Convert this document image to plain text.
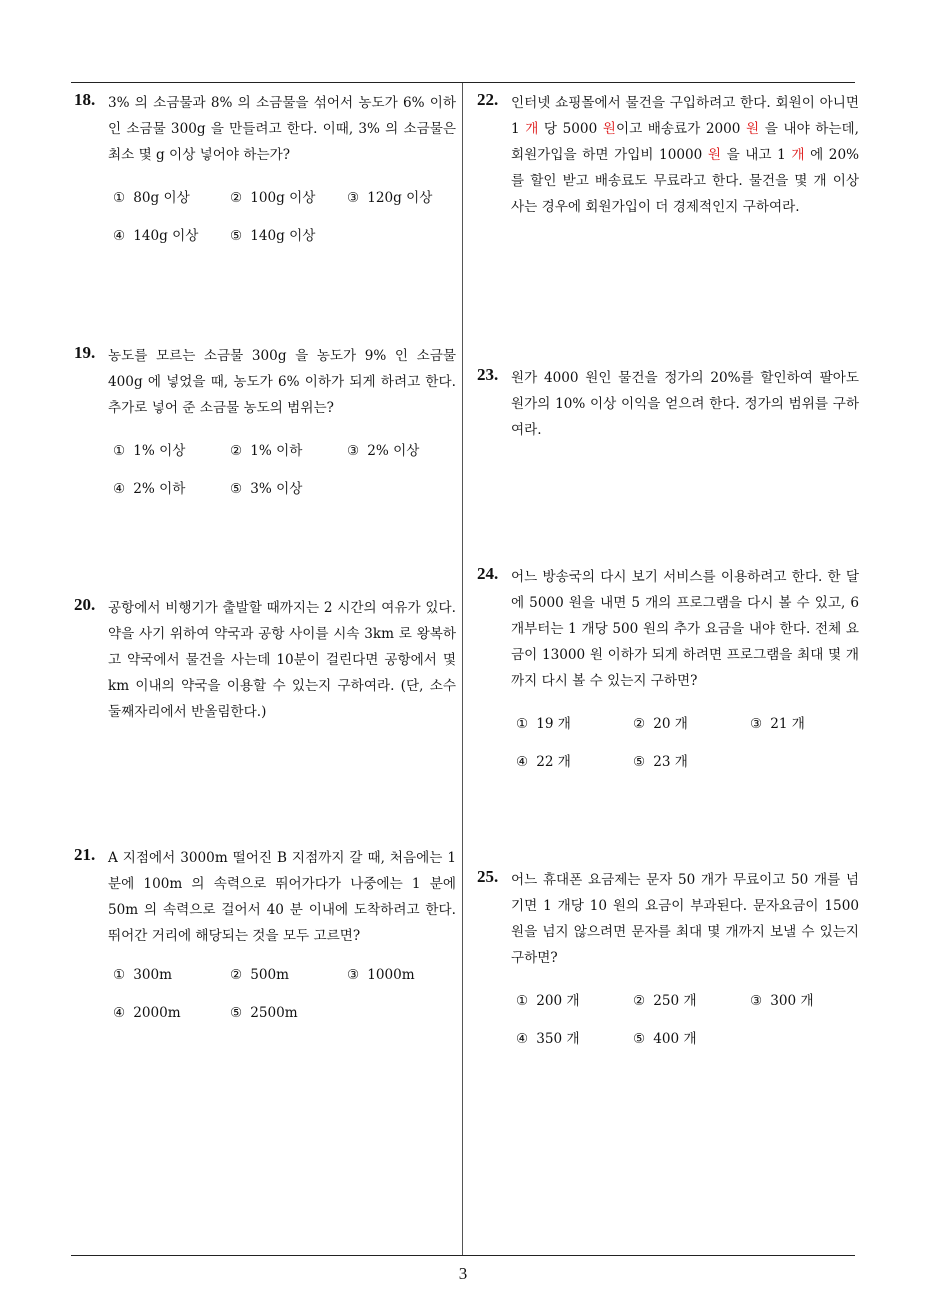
18. 3% 의 소금물과 8% 의 소금물을 섞어서 농도가 6% 이하인 소금물 300g 을 만들려고 한다. 이때, 3% 의 소금물은 최소 몇 g 이상 넣어야 하는가?
① 80g 이상	② 100g 이상 ③ 120g 이상
④ 140g 이상 ⑤ 140g 이상
19. 농도를 모르는 소금물 300g 을 농도가 9% 인 소금물 400g 에 넣었을 때, 농도가 6% 이하가 되게 하려고 한다. 추가로 넣어 준 소금물 농도의 범위는?
① 1% 이상	② 1% 이하	③ 2% 이상
④ 2% 이하	⑤ 3% 이상
20. 공항에서 비행기가 출발할 때까지는 2 시간의 여유가 있다. 약을 사기 위하여 약국과 공항 사이를 시속 3km 로 왕복하고 약국에서 물건을 사는데 10분이 걸린다면 공항에서 몇 km 이내의 약국을 이용할 수 있는지 구하여라. (단, 소수 둘째자리에서 반올림한다.)
21. A 지점에서 3000m 떨어진 B 지점까지 갈 때, 처음에는 1 분에 100m 의 속력으로 뛰어가다가 나중에는 1 분에 50m 의 속력으로 걸어서 40 분 이내에 도착하려고 한다. 뛰어간 거리에 해당되는 것을 모두 고르면?
① 300m	② 500m	③ 1000m
④ 2000m	⑤ 2500m
22. 인터넷 쇼핑몰에서 물건을 구입하려고 한다. 회원이 아니면 1 개 당 5000 원이고 배송료가 2000 원 을 내야 하는데, 회원가입을 하면 가입비 10000 원 을 내고 1 개 에 20% 를 할인 받고 배송료도 무료라고 한다. 물건을 몇 개 이상 사는 경우에 회원가입이 더 경제적인지 구하여라.
23. 원가 4000 원인 물건을 정가의 20%를 할인하여 팔아도 원가의 10% 이상 이익을 얻으려 한다. 정가의 범위를 구하여라.
24. 어느 방송국의 다시 보기 서비스를 이용하려고 한다. 한 달에 5000 원을 내면 5 개의 프로그램을 다시 볼 수 있고, 6 개부터는 1 개당 500 원의 추가 요금을 내야 한다. 전체 요금이 13000 원 이하가 되게 하려면 프로그램을 최대 몇 개까지 다시 볼 수 있는지 구하면?
① 19 개	② 20 개	③ 21 개
④ 22 개	⑤ 23 개
25. 어느 휴대폰 요금제는 문자 50 개가 무료이고 50 개를 넘기면 1 개당 10 원의 요금이 부과된다. 문자요금이 1500 원을 넘지 않으려면 문자를 최대 몇 개까지 보낼 수 있는지 구하면?
① 200 개	② 250 개	③ 300 개
④ 350 개	⑤ 400 개
3
